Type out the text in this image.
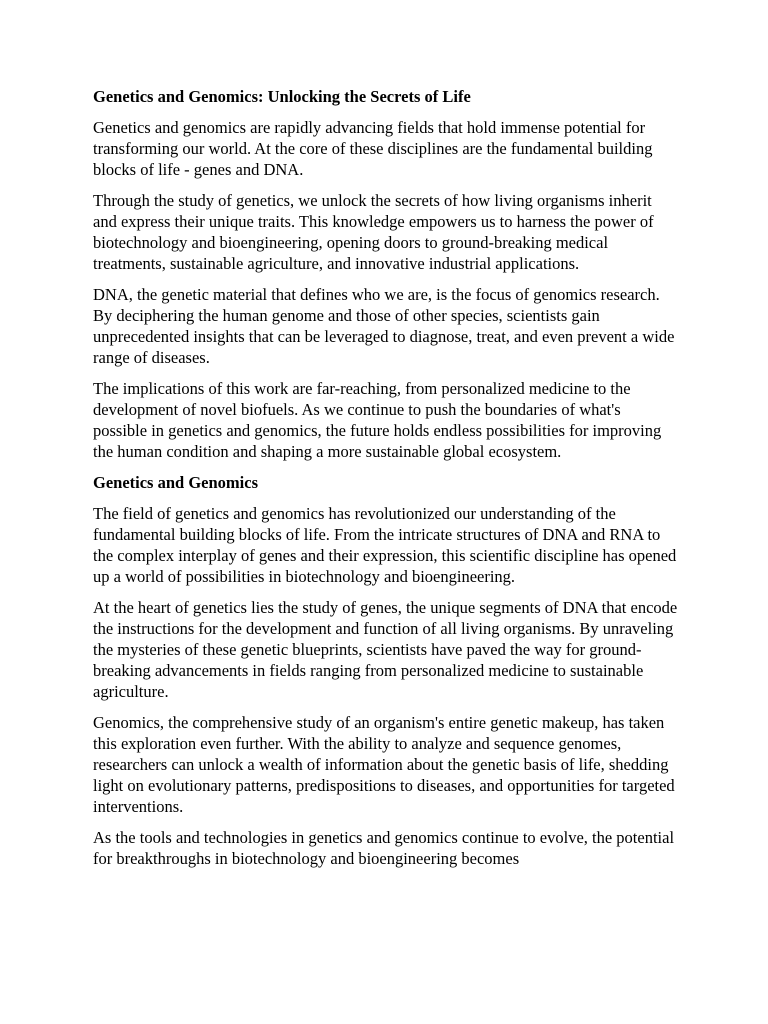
Genetics and Genomics: Unlocking the Secrets of Life

Genetics and genomics are rapidly advancing fields that hold immense potential for transforming our world. At the core of these disciplines are the fundamental building blocks of life - genes and DNA.

Through the study of genetics, we unlock the secrets of how living organisms inherit and express their unique traits. This knowledge empowers us to harness the power of biotechnology and bioengineering, opening doors to ground-breaking medical treatments, sustainable agriculture, and innovative industrial applications.

DNA, the genetic material that defines who we are, is the focus of genomics research. By deciphering the human genome and those of other species, scientists gain unprecedented insights that can be leveraged to diagnose, treat, and even prevent a wide range of diseases.

The implications of this work are far-reaching, from personalized medicine to the development of novel biofuels. As we continue to push the boundaries of what's possible in genetics and genomics, the future holds endless possibilities for improving the human condition and shaping a more sustainable global ecosystem.

Genetics and Genomics

The field of genetics and genomics has revolutionized our understanding of the fundamental building blocks of life. From the intricate structures of DNA and RNA to the complex interplay of genes and their expression, this scientific discipline has opened up a world of possibilities in biotechnology and bioengineering.

At the heart of genetics lies the study of genes, the unique segments of DNA that encode the instructions for the development and function of all living organisms. By unraveling the mysteries of these genetic blueprints, scientists have paved the way for ground-breaking advancements in fields ranging from personalized medicine to sustainable agriculture.

Genomics, the comprehensive study of an organism's entire genetic makeup, has taken this exploration even further. With the ability to analyze and sequence genomes, researchers can unlock a wealth of information about the genetic basis of life, shedding light on evolutionary patterns, predispositions to diseases, and opportunities for targeted interventions.

As the tools and technologies in genetics and genomics continue to evolve, the potential for breakthroughs in biotechnology and bioengineering becomes
